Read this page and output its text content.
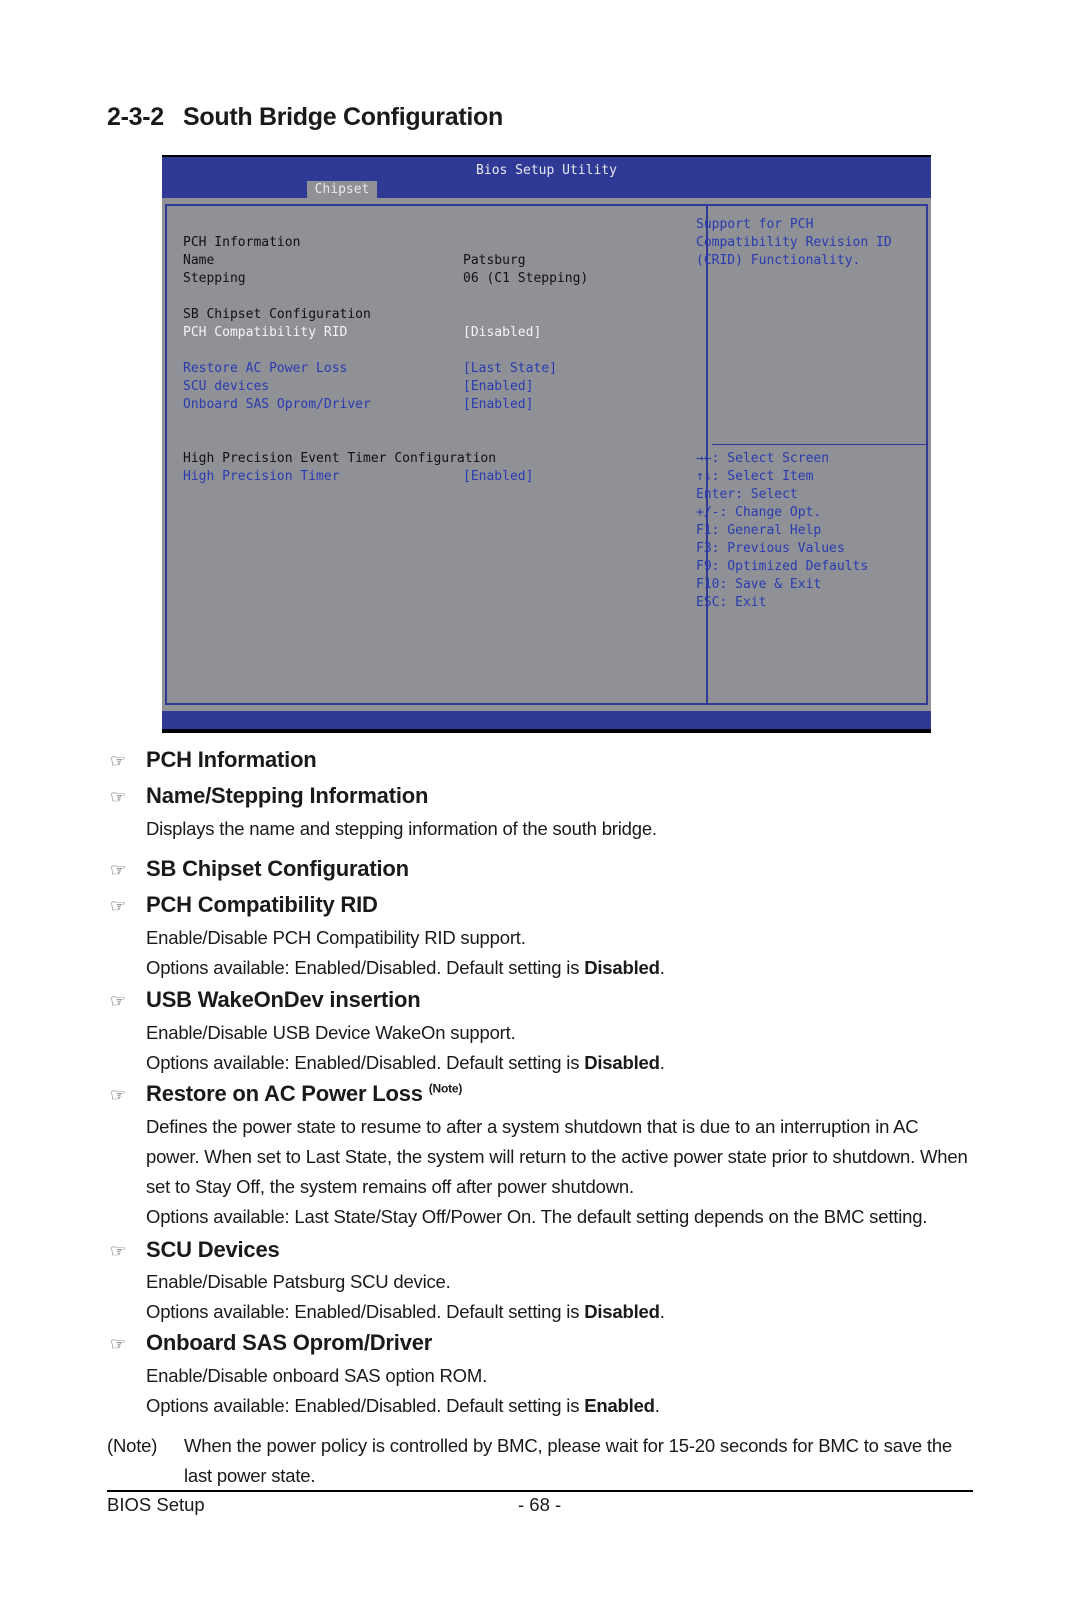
2-3-2 South Bridge Configuration
Bios Setup Utility
Chipset
PCH Information
Name	Patsburg
Stepping	06 (C1 Stepping)
SB Chipset Configuration
PCH Compatibility RID	[Disabled]
Restore AC Power Loss	[Last State]
SCU devices	[Enabled]
Onboard SAS Oprom/Driver	[Enabled]
High Precision Event Timer Configuration
High Precision Timer	[Enabled]
Support for PCH
Compatibility Revision ID
(CRID) Functionality.
→←: Select Screen
↑↓: Select Item
Enter: Select
+/-: Change Opt.
F1: General Help
F3: Previous Values
F9: Optimized Defaults
F10: Save & Exit
ESC: Exit
☞ PCH Information
☞ Name/Stepping Information
Displays the name and stepping information of the south bridge.
☞ SB Chipset Configuration
☞ PCH Compatibility RID
Enable/Disable PCH Compatibility RID support.
Options available: Enabled/Disabled. Default setting is Disabled.
☞ USB WakeOnDev insertion
Enable/Disable USB Device WakeOn support.
Options available: Enabled/Disabled. Default setting is Disabled.
☞ Restore on AC Power Loss $^{(Note)}$
Defines the power state to resume to after a system shutdown that is due to an interruption in AC power. When set to Last State, the system will return to the active power state prior to shutdown. When set to Stay Off, the system remains off after power shutdown.
Options available: Last State/Stay Off/Power On. The default setting depends on the BMC setting.
☞ SCU Devices
Enable/Disable Patsburg SCU device.
Options available: Enabled/Disabled. Default setting is Disabled.
☞ Onboard SAS Oprom/Driver
Enable/Disable onboard SAS option ROM.
Options available: Enabled/Disabled. Default setting is Enabled.
(Note) When the power policy is controlled by BMC, please wait for 15-20 seconds for BMC to save the last power state.
BIOS Setup	- 68 -
